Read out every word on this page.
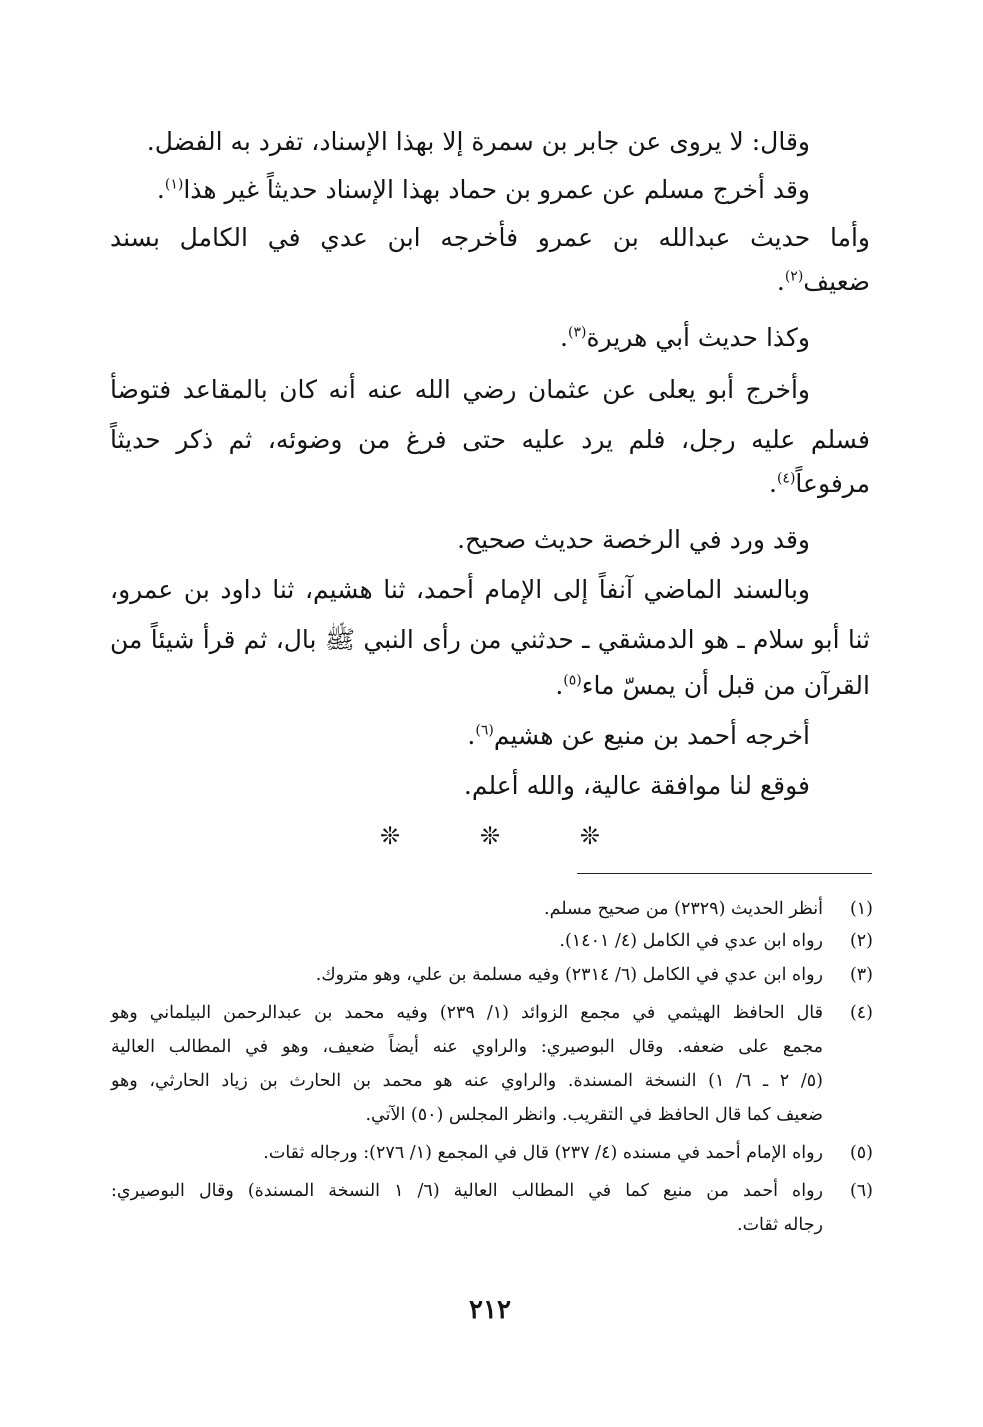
وقال: لا يروى عن جابر بن سمرة إلا بهذا الإسناد، تفرد به الفضل.
وقد أخرج مسلم عن عمرو بن حماد بهذا الإسناد حديثاً غير هذا$^{(١)}$.
وأما حديث عبدالله بن عمرو فأخرجه ابن عدي في الكامل بسند
ضعيف$^{(٢)}$.
وكذا حديث أبي هريرة$^{(٣)}$.
وأخرج أبو يعلى عن عثمان رضي الله عنه أنه كان بالمقاعد فتوضأ
فسلم عليه رجل، فلم يرد عليه حتى فرغ من وضوئه، ثم ذكر حديثاً
مرفوعاً$^{(٤)}$.
وقد ورد في الرخصة حديث صحيح.
وبالسند الماضي آنفاً إلى الإمام أحمد، ثنا هشيم، ثنا داود بن عمرو،
ثنا أبو سلام ـ هو الدمشقي ـ حدثني من رأى النبي ﷺ بال، ثم قرأ شيئاً من
القرآن من قبل أن يمسّ ماء$^{(٥)}$.
أخرجه أحمد بن منيع عن هشيم$^{(٦)}$.
فوقع لنا موافقة عالية، والله أعلم.
❊
❊
❊
(١)
أنظر الحديث (٢٣٢٩) من صحيح مسلم.
(٢)
رواه ابن عدي في الكامل (٤/ ١٤٠١).
(٣)
رواه ابن عدي في الكامل (٦/ ٢٣١٤) وفيه مسلمة بن علي، وهو متروك.
(٤)
قال الحافظ الهيثمي في مجمع الزوائد (١/ ٢٣٩) وفيه محمد بن عبدالرحمن البيلماني وهو
مجمع على ضعفه. وقال البوصيري: والراوي عنه أيضاً ضعيف، وهو في المطالب العالية
(٥/ ٢ ـ ٦/ ١) النسخة المسندة. والراوي عنه هو محمد بن الحارث بن زياد الحارثي، وهو
ضعيف كما قال الحافظ في التقريب. وانظر المجلس (٥٠) الآتي.
(٥)
رواه الإمام أحمد في مسنده (٤/ ٢٣٧) قال في المجمع (١/ ٢٧٦): ورجاله ثقات.
(٦)
رواه أحمد من منيع كما في المطالب العالية (٦/ ١ النسخة المسندة) وقال البوصيري:
رجاله ثقات.
٢١٢
